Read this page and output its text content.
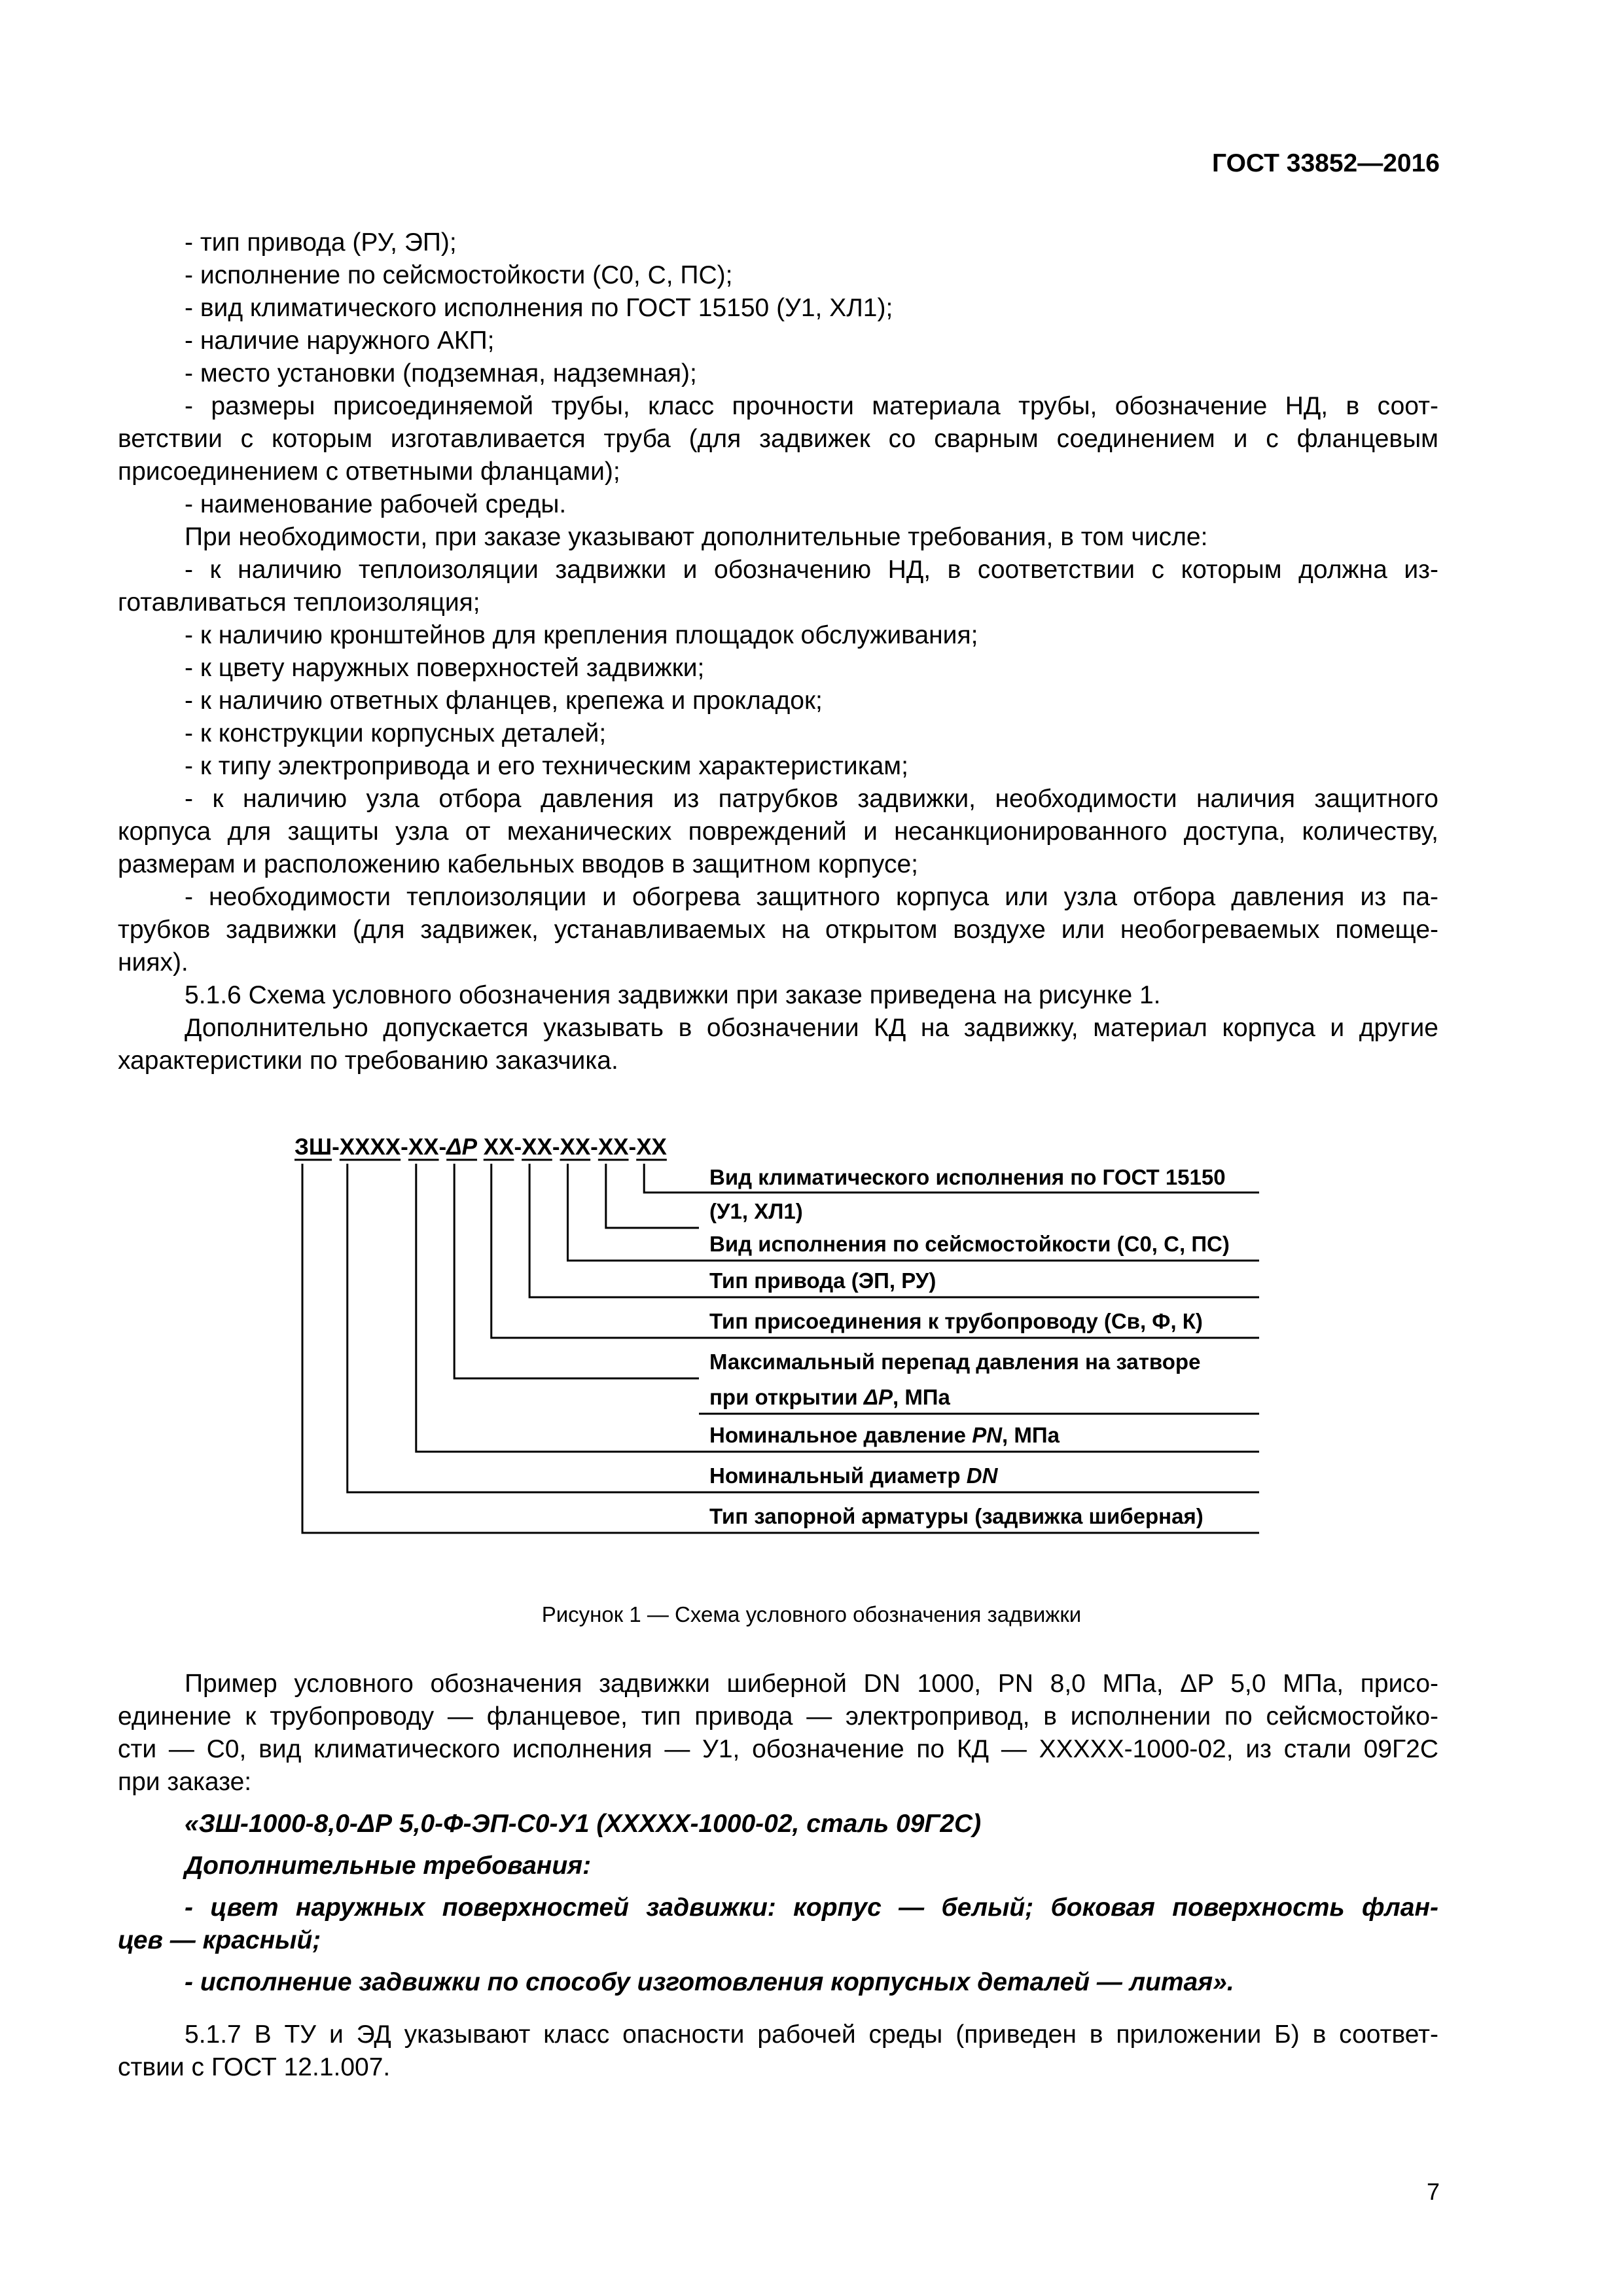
ГОСТ 33852—2016
- тип привода (РУ, ЭП);
- исполнение по сейсмостойкости (С0, С, ПС);
- вид климатического исполнения по ГОСТ 15150 (У1, ХЛ1);
- наличие наружного АКП;
- место установки (подземная, надземная);
- размеры присоединяемой трубы, класс прочности материала трубы, обозначение НД, в соот-
ветствии с которым изготавливается труба (для задвижек со сварным соединением и с фланцевым
присоединением с ответными фланцами);
- наименование рабочей среды.
При необходимости, при заказе указывают дополнительные требования, в том числе:
- к наличию теплоизоляции задвижки и обозначению НД, в соответствии с которым должна из-
готавливаться теплоизоляция;
- к наличию кронштейнов для крепления площадок обслуживания;
- к цвету наружных поверхностей задвижки;
- к наличию ответных фланцев, крепежа и прокладок;
- к конструкции корпусных деталей;
- к типу электропривода и его техническим характеристикам;
- к наличию узла отбора давления из патрубков задвижки, необходимости наличия защитного
корпуса для защиты узла от механических повреждений и несанкционированного доступа, количеству,
размерам и расположению кабельных вводов в защитном корпусе;
- необходимости теплоизоляции и обогрева защитного корпуса или узла отбора давления из па-
трубков задвижки (для задвижек, устанавливаемых на открытом воздухе или необогреваемых помеще-
ниях).
5.1.6 Схема условного обозначения задвижки при заказе приведена на рисунке 1.
Дополнительно допускается указывать в обозначении КД на задвижку, материал корпуса и другие
характеристики по требованию заказчика.
ЗШ-XXXX-XX-ΔР XX-XX-XX-XX-XX
Вид климатического исполнения по ГОСТ 15150
(У1, ХЛ1)
Вид исполнения по сейсмостойкости (С0, С, ПС)
Тип привода (ЭП, РУ)
Тип присоединения к трубопроводу (Св, Ф, К)
Максимальный перепад давления на затворе
при открытии ΔP, МПа
Номинальное давление PN, МПа
Номинальный диаметр DN
Тип запорной арматуры (задвижка шиберная)
Рисунок 1 — Схема условного обозначения задвижки
Пример условного обозначения задвижки шиберной DN 1000, PN 8,0 МПа, ΔP 5,0 МПа, присо-
единение к трубопроводу — фланцевое, тип привода — электропривод, в исполнении по сейсмостойко-
сти — С0, вид климатического исполнения — У1, обозначение по КД — XXXXX-1000-02, из стали 09Г2С
при заказе:
«ЗШ-1000-8,0-ΔР 5,0-Ф-ЭП-С0-У1 (XXXXX-1000-02, сталь 09Г2С)
Дополнительные требования:
- цвет наружных поверхностей задвижки: корпус — белый; боковая поверхность флан-
цев — красный;
- исполнение задвижки по способу изготовления корпусных деталей — литая».
5.1.7 В ТУ и ЭД указывают класс опасности рабочей среды (приведен в приложении Б) в соответ-
ствии с ГОСТ 12.1.007.
7
